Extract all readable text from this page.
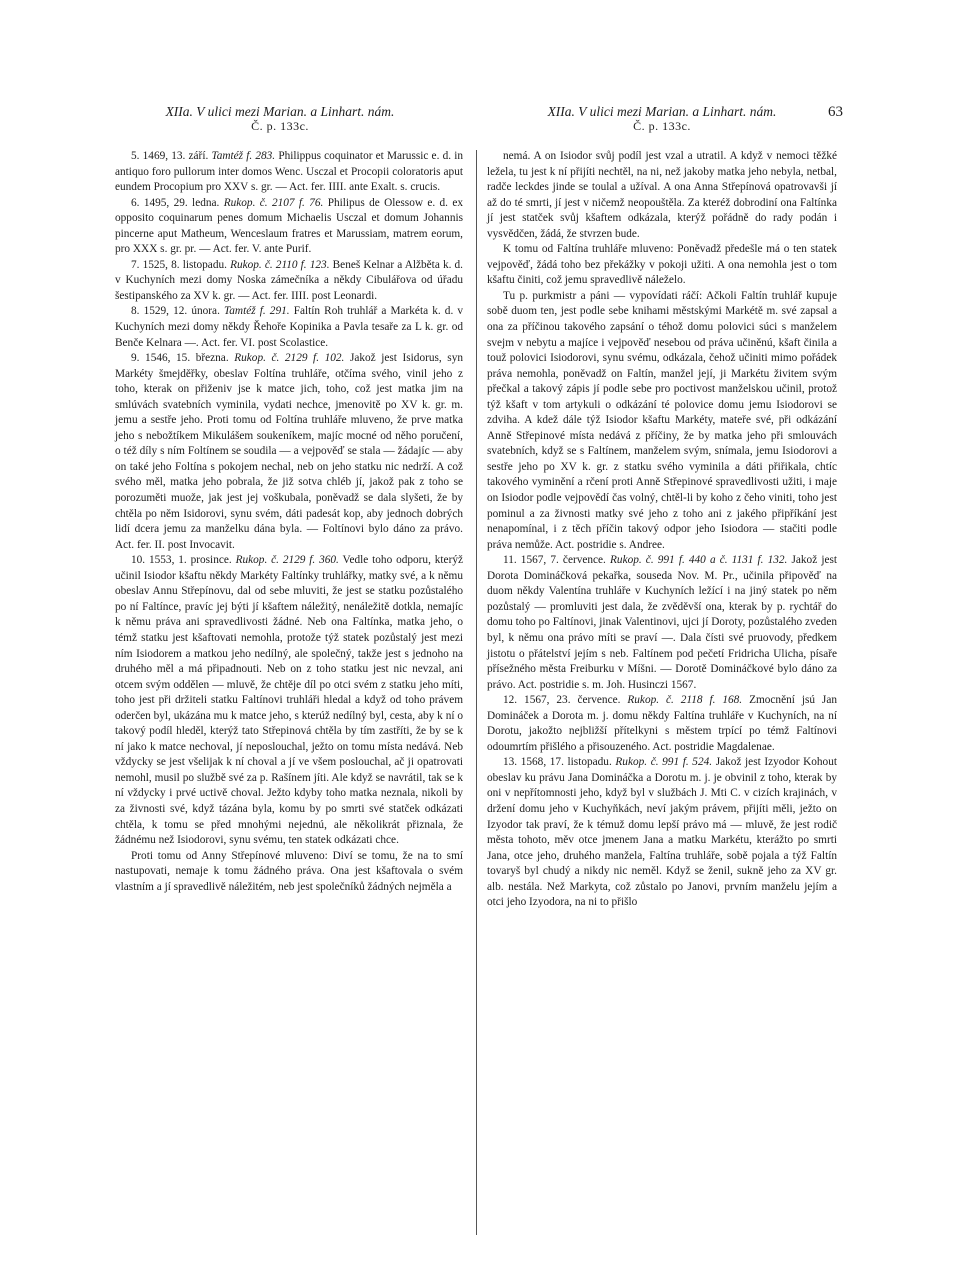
XIIa. V ulici mezi Marian. a Linhart. nám.
Č. p. 133c.
XIIa. V ulici mezi Marian. a Linhart. nám.
Č. p. 133c.
63

5. 1469, 13. září. Tamtéž f. 283. Philippus coquinator et Marussic e. d. in antiquo foro pullorum inter domos Wenc. Usczal et Procopii coloratoris aput eundem Procopium pro XXV s. gr. — Act. fer. IIII. ante Exalt. s. crucis.

6. 1495, 29. ledna. Rukop. č. 2107 f. 76. Philipus de Olessow e. d. ex opposito coquinarum penes domum Michaelis Usczal et domum Johannis pincerne aput Matheum, Wenceslaum fratres et Marussiam, matrem eorum, pro XXX s. gr. pr. — Act. fer. V. ante Purif.

7. 1525, 8. listopadu. Rukop. č. 2110 f. 123. Beneš Kelnar a Alžběta k. d. v Kuchyních mezi domy Noska zámečníka a někdy Cibulářova od úřadu šestipanského za XV k. gr. — Act. fer. IIII. post Leonardi.

8. 1529, 12. února. Tamtéž f. 291. Faltín Roh truhlář a Markéta k. d. v Kuchyních mezi domy někdy Řehoře Kopinika a Pavla tesaře za L k. gr. od Benče Kelnara —. Act. fer. VI. post Scolastice.

9. 1546, 15. března. Rukop. č. 2129 f. 102. Jakož jest Isidorus, syn Markéty šmejděřky, obeslav Foltína truhláře, otčíma svého, vinil jeho z toho, kterak on přiženiv jse k matce jich, toho, což jest matka jim na smlúvách svatebních vyminila, vydati nechce, jmenovitě po XV k. gr. m. jemu a sestře jeho. Proti tomu od Foltína truhláře mluveno, že prve matka jeho s nebožtíkem Mikulášem soukeníkem, majíc mocné od něho poručení, o též díly s ním Foltínem se soudila — a vejpověď se stala — žádajíc — aby on také jeho Foltína s pokojem nechal, neb on jeho statku nic nedrží. A což svého měl, matka jeho pobrala, že již sotva chléb jí, jakož pak z toho se porozuměti muože, jak jest jej voškubala, poněvadž se dala slyšeti, že by chtěla po něm Isidorovi, synu svém, dáti padesát kop, aby jednoch dobrých lidí dcera jemu za manželku dána byla. — Foltínovi bylo dáno za právo. Act. fer. II. post Invocavit.

10. 1553, 1. prosince. Rukop. č. 2129 f. 360. Vedle toho odporu, kterýž učinil Isiodor kšaftu někdy Markéty Faltínky truhlářky, matky své, a k němu obeslav Annu Střepínovu, dal od sebe mluviti, že jest se statku pozůstalého po ní Faltínce, pravíc jej býti jí kšaftem náležitý, nenáležitě dotkla, nemajíc k němu práva ani spravedlivosti žádné. Neb ona Faltínka, matka jeho, o témž statku jest kšaftovati nemohla, protože týž statek pozůstalý jest mezi ním Isiodorem a matkou jeho nedílný, ale společný, takže jest s jednoho na druhého měl a má připadnouti. Neb on z toho statku jest nic nevzal, ani otcem svým oddělen — mluvě, že chtěje díl po otci svém z statku jeho míti, toho jest při držiteli statku Faltínovi truhláři hledal a když od toho právem oderčen byl, ukázána mu k matce jeho, s kterúž nedílný byl, cesta, aby k ní o takový podíl hleděl, kterýž tato Střepinová chtěla by tím zastříti, že by se k ní jako k matce nechoval, jí neposlouchal, ježto on tomu místa nedává. Neb vždycky se jest všelijak k ní choval a jí ve všem poslouchal, ač ji opatrovati nemohl, musil po službě své za p. Rašínem jíti. Ale když se navrátil, tak se k ní vždycky i prvé uctivě choval. Ježto kdyby toho matka neznala, nikoli by za živnosti své, když tázána byla, komu by po smrti své statček odkázati chtěla, k tomu se před mnohými nejednú, ale několikrát přiznala, že žádnému než Isiodorovi, synu svému, ten statek odkázati chce.

Proti tomu od Anny Střepínové mluveno: Diví se tomu, že na to smí nastupovati, nemaje k tomu žádného práva. Ona jest kšaftovala o svém vlastním a jí spravedlivě náležitém, neb jest společníků žádných nejměla a

nemá. A on Isiodor svůj podíl jest vzal a utratil. A když v nemoci těžké ležela, tu jest k ní přijíti nechtěl, na ni, než jakoby matka jeho nebyla, netbal, radče leckdes jinde se toulal a užíval. A ona Anna Střepínová opatrovavši jí až do té smrti, jí jest v ničemž neopouštěla. Za kteréž dobrodiní ona Faltínka jí jest statček svůj kšaftem odkázala, kterýž pořádně do rady podán i vysvědčen, žádá, že stvrzen bude.

K tomu od Faltína truhláře mluveno: Poněvadž předešle má o ten statek vejpověď, žádá toho bez překážky v pokoji užiti. A ona nemohla jest o tom kšaftu činiti, což jemu spravedlivě náleželo.

Tu p. purkmistr a páni — vypovídati ráčí: Ačkoli Faltín truhlář kupuje sobě duom ten, jest podle sebe knihami městskými Markétě m. své zapsal a ona za příčinou takového zapsání o téhož domu polovici súci s manželem svejm v nebytu a majíce i vejpověď nesebou od práva učiněnú, kšaft činila a touž polovici Isiodorovi, synu svému, odkázala, čehož učiniti mimo pořádek práva nemohla, poněvadž on Faltín, manžel její, ji Markétu živitem svým přečkal a takový zápis jí podle sebe pro poctivost manželskou učinil, protož týž kšaft v tom artykuli o odkázání té polovice domu jemu Isiodorovi se zdviha. A kdež dále týž Isiodor kšaftu Markéty, mateře své, při odkázání Anně Střepinové místa nedává z příčiny, že by matka jeho při smlouvách svatebních, když se s Faltínem, manželem svým, snímala, jemu Isiodorovi a sestře jeho po XV k. gr. z statku svého vyminila a dáti přiřikala, chtíc takového vyminění a rčení proti Anně Střepinové spravedlivosti užiti, i maje on Isiodor podle vejpovědí čas volný, chtěl-li by koho z čeho viniti, toho jest pominul a za živnosti matky své jeho z toho ani z jakého připříkání jest nenapomínal, i z těch příčin takový odpor jeho Isiodora — stačiti podle práva nemůže. Act. postridie s. Andree.

11. 1567, 7. července. Rukop. č. 991 f. 440 a č. 1131 f. 132. Jakož jest Dorota Domináčková pekařka, souseda Nov. M. Pr., učinila připověď na duom někdy Valentína truhláře v Kuchyních ležící i na jiný statek po něm pozůstalý — promluviti jest dala, že zvěděvší ona, kterak by p. rychtář do domu toho po Faltínovi, jinak Valentinovi, ujci jí Doroty, pozůstalého zveden byl, k němu ona právo míti se praví —. Dala čísti své pruovody, předkem jistotu o přátelství jejím s neb. Faltínem pod pečetí Fridricha Ulicha, písaře přísežného města Freiburku v Míšni. — Dorotě Domináčkové bylo dáno za právo. Act. postridie s. m. Joh. Husinczi 1567.

12. 1567, 23. července. Rukop. č. 2118 f. 168. Zmocnění jsú Jan Domináček a Dorota m. j. domu někdy Faltína truhláře v Kuchyních, na ní Dorotu, jakožto nejbližší přítelkyni s městem trpící po témž Faltínovi odoumrtím přišlého a přisouzeného. Act. postridie Magdalenae.

13. 1568, 17. listopadu. Rukop. č. 991 f. 524. Jakož jest Izyodor Kohout obeslav ku právu Jana Domináčka a Dorotu m. j. je obvinil z toho, kterak by oni v nepřítomnosti jeho, když byl v službách J. Mti C. v cizích krajinách, v držení domu jeho v Kuchyňkách, neví jakým právem, přijíti měli, ježto on Izyodor tak praví, že k témuž domu lepší právo má — mluvě, že jest rodič města tohoto, měv otce jmenem Jana a matku Markétu, kterážto po smrti Jana, otce jeho, druhého manžela, Faltína truhláře, sobě pojala a týž Faltín tovaryš byl chudý a nikdy nic neměl. Když se ženil, sukně jeho za XV gr. alb. nestála. Než Markyta, což zůstalo po Janovi, prvním manželu jejím a otci jeho Izyodora, na ni to přišlo
